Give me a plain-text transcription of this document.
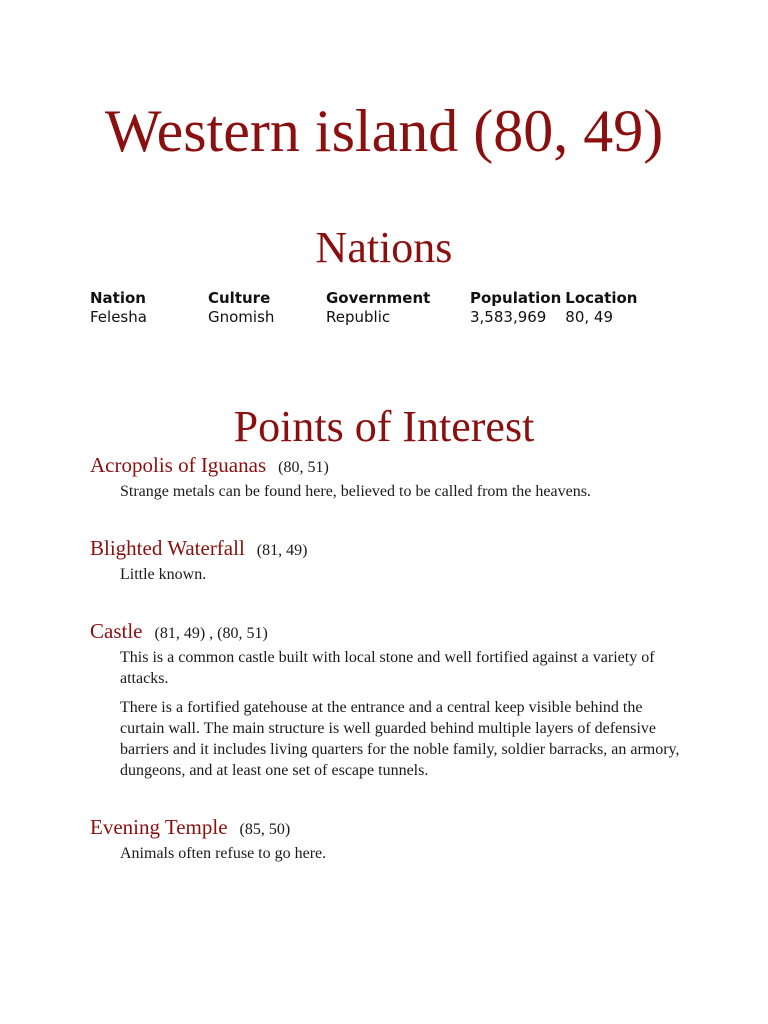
Western island (80, 49)
Nations
Nation	Culture	Government	Population	Location
Felesha	Gnomish	Republic	3,583,969	80, 49
Points of Interest
Acropolis of Iguanas (80, 51)

Strange metals can be found here, believed to be called from the heavens.

Blighted Waterfall (81, 49)

Little known.

Castle (81, 49) , (80, 51)

This is a common castle built with local stone and well fortified against a variety of attacks.

There is a fortified gatehouse at the entrance and a central keep visible behind the curtain wall. The main structure is well guarded behind multiple layers of defensive barriers and it includes living quarters for the noble family, soldier barracks, an armory, dungeons, and at least one set of escape tunnels.

Evening Temple (85, 50)

Animals often refuse to go here.
